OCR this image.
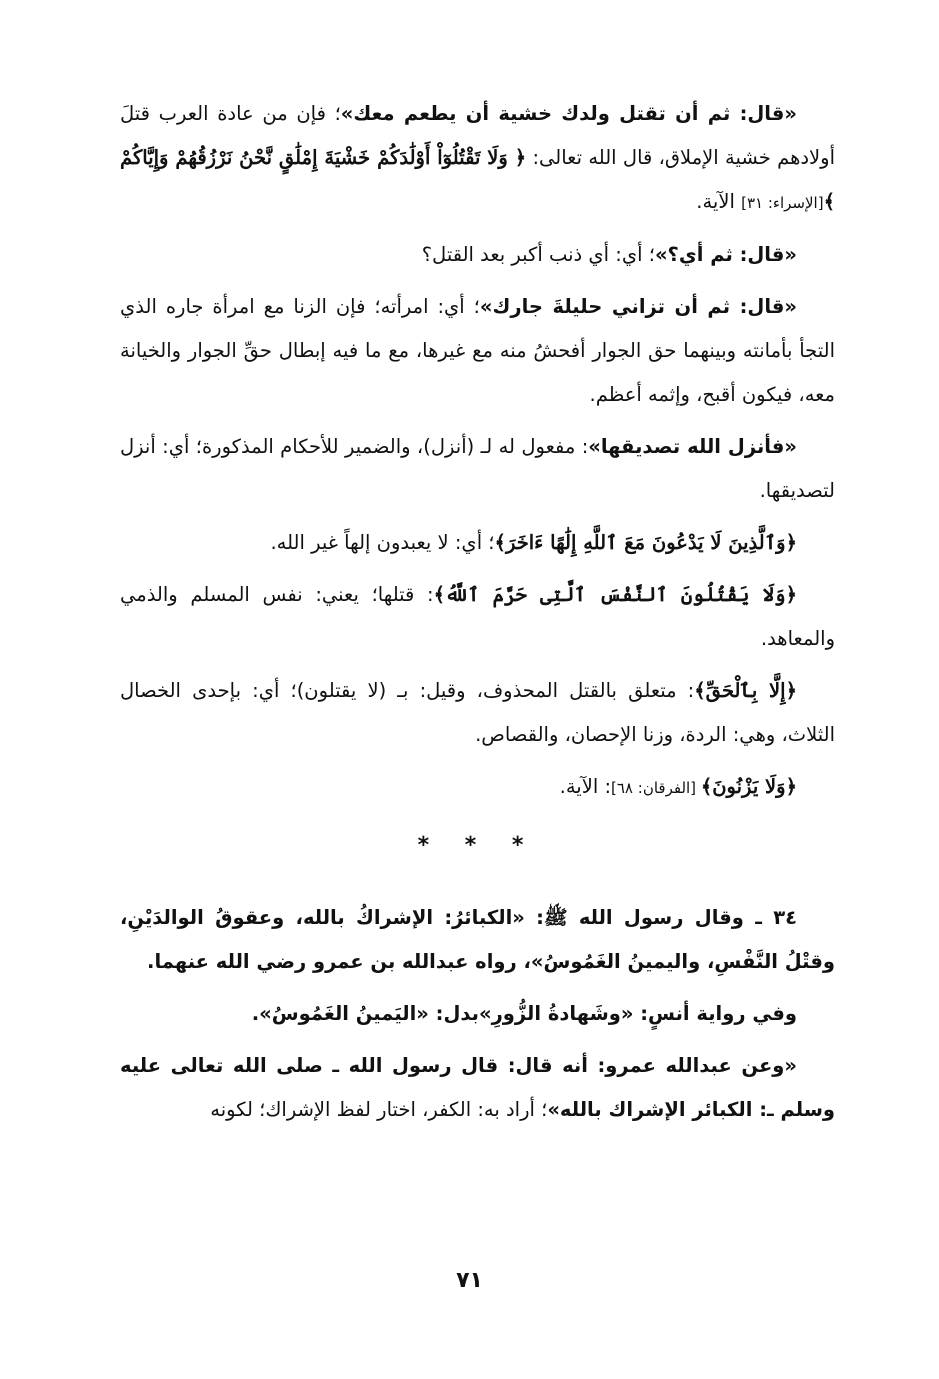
«قال: ثم أن تقتل ولدك خشية أن يطعم معك»؛ فإن من عادة العرب قتلَ أولادهم خشية الإملاق، قال الله تعالى: ﴿ وَلَا تَقْتُلُوٓاْ أَوْلَٰدَكُمْ خَشْيَةَ إِمْلَٰقٍ نَّحْنُ نَرْزُقُهُمْ وَإِيَّاكُمْ ﴾[الإسراء: ٣١] الآية.

«قال: ثم أي؟»؛ أي: أي ذنب أكبر بعد القتل؟

«قال: ثم أن تزاني حليلةَ جارك»؛ أي: امرأته؛ فإن الزنا مع امرأة جاره الذي التجأ بأمانته وبينهما حق الجوار أفحشُ منه مع غيرها، مع ما فيه إبطال حقِّ الجوار والخيانة معه، فيكون أقبح، وإثمه أعظم.

«فأنزل الله تصديقها»: مفعول له لـ (أنزل)، والضمير للأحكام المذكورة؛ أي: أنزل لتصديقها.

﴿وَٱلَّذِينَ لَا يَدْعُونَ مَعَ ٱللَّهِ إِلَٰهًا ءَاخَرَ﴾؛ أي: لا يعبدون إلهاً غير الله.

﴿وَلَا يَقْتُلُونَ ٱلنَّفْسَ ٱلَّتِى حَرَّمَ ٱللَّهُ﴾: قتلها؛ يعني: نفس المسلم والذمي والمعاهد.

﴿إِلَّا بِٱلْحَقِّ﴾: متعلق بالقتل المحذوف، وقيل: بـ (لا يقتلون)؛ أي: بإحدى الخصال الثلاث، وهي: الردة، وزنا الإحصان، والقصاص.

﴿وَلَا يَزْنُونَ﴾ [الفرقان: ٦٨]: الآية.

* * *

٣٤ ـ وقال رسول الله ﷺ: «الكبائرُ: الإشراكُ بالله، وعقوقُ الوالدَيْنِ، وقتْلُ النَّفْسِ، واليمينُ الغَمُوسُ»، رواه عبدالله بن عمرو رضي الله عنهما.

وفي رواية أنسٍ: «وشَهادةُ الزُّورِ»بدل: «اليَمينُ الغَمُوسُ».

«وعن عبدالله عمرو: أنه قال: قال رسول الله ـ صلى الله تعالى عليه وسلم ـ: الكبائر الإشراك بالله»؛ أراد به: الكفر، اختار لفظ الإشراك؛ لكونه

٧١
